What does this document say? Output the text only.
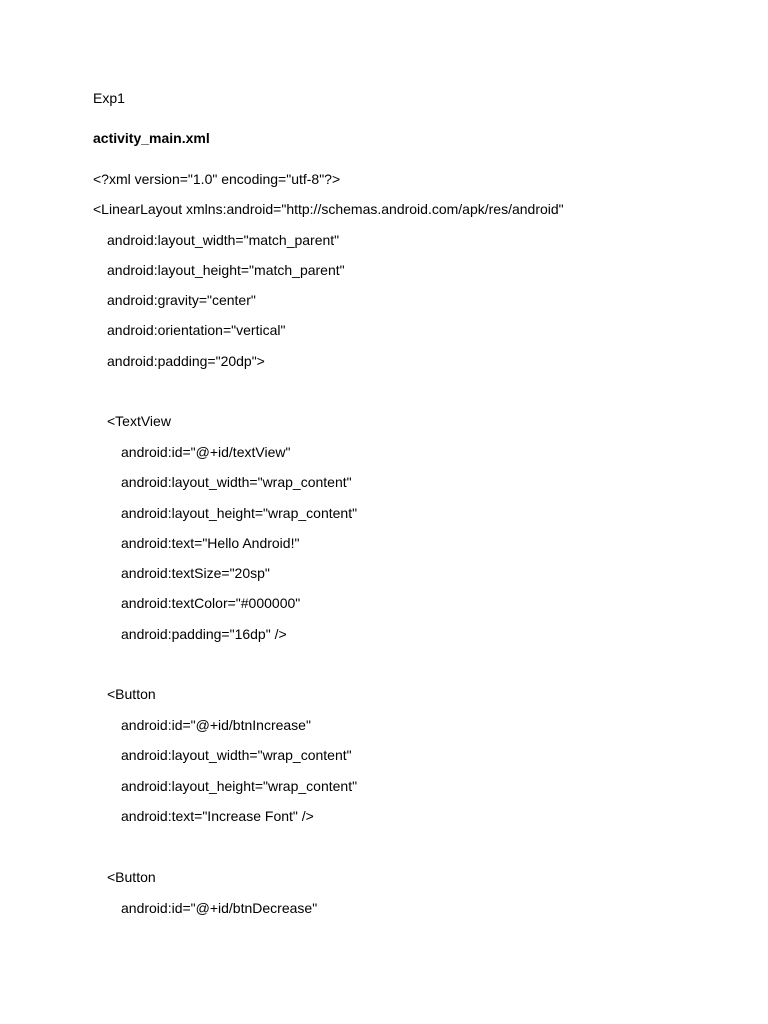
Exp1
activity_main.xml
<?xml version="1.0" encoding="utf-8"?>
<LinearLayout xmlns:android="http://schemas.android.com/apk/res/android"
android:layout_width="match_parent"
android:layout_height="match_parent"
android:gravity="center"
android:orientation="vertical"
android:padding="20dp">
<TextView
android:id="@+id/textView"
android:layout_width="wrap_content"
android:layout_height="wrap_content"
android:text="Hello Android!"
android:textSize="20sp"
android:textColor="#000000"
android:padding="16dp" />
<Button
android:id="@+id/btnIncrease"
android:layout_width="wrap_content"
android:layout_height="wrap_content"
android:text="Increase Font" />
<Button
android:id="@+id/btnDecrease"
